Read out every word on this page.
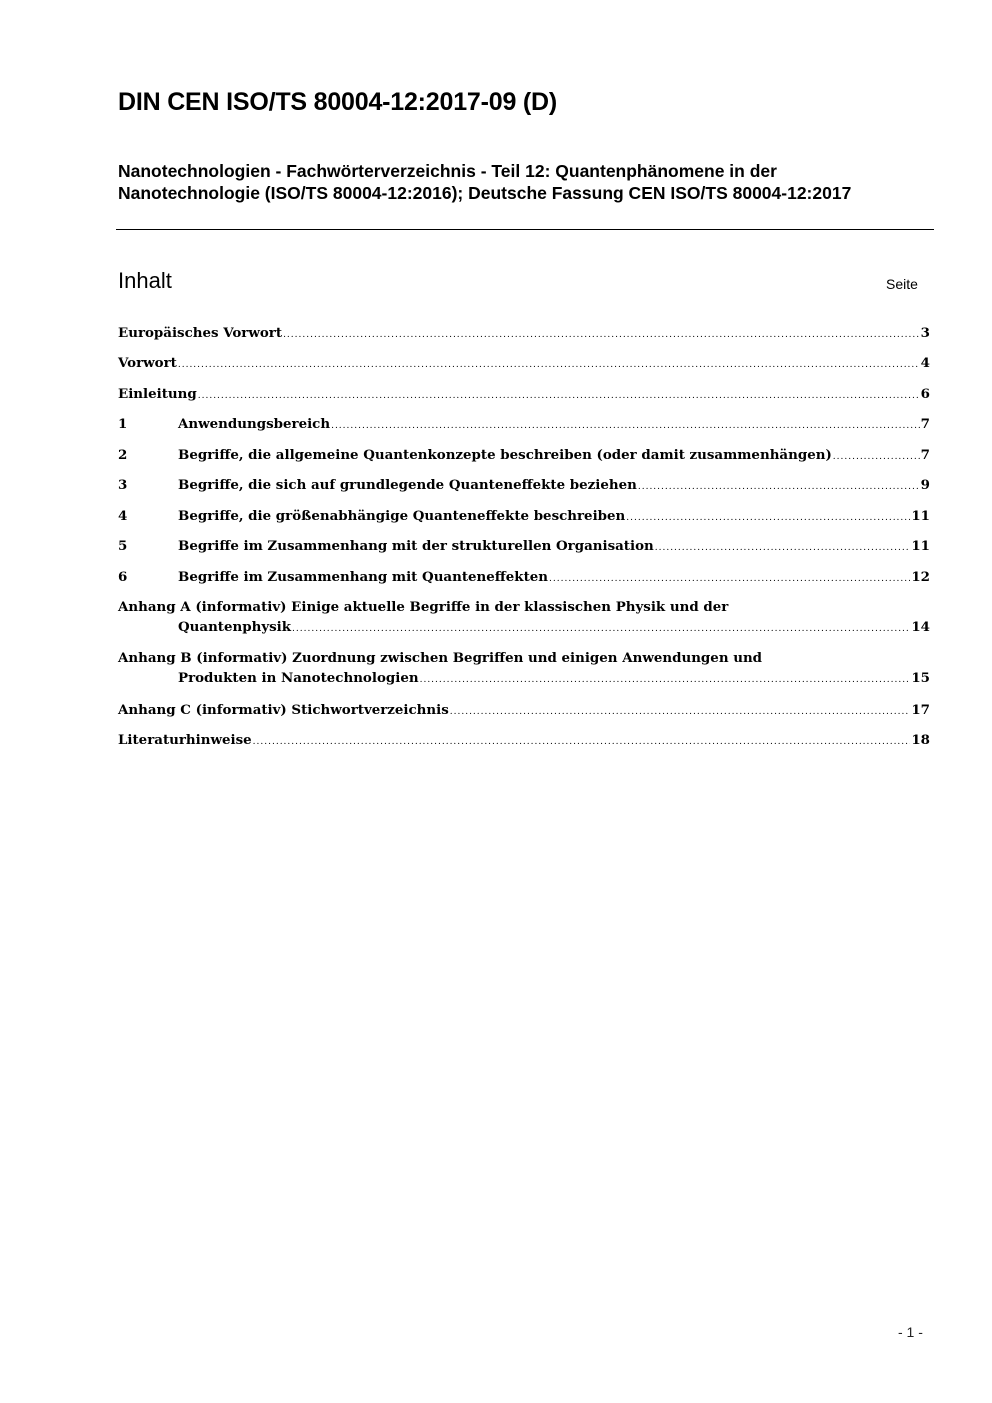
DIN CEN ISO/TS 80004-12:2017-09 (D)
Nanotechnologien - Fachwörterverzeichnis - Teil 12: Quantenphänomene in der Nanotechnologie (ISO/TS 80004-12:2016); Deutsche Fassung CEN ISO/TS 80004-12:2017
Inhalt	Seite
Europäisches Vorwort .....	3
Vorwort .....	4
Einleitung .....	6
1	Anwendungsbereich .....	7
2	Begriffe, die allgemeine Quantenkonzepte beschreiben (oder damit zusammenhängen) .....	7
3	Begriffe, die sich auf grundlegende Quanteneffekte beziehen .....	9
4	Begriffe, die größenabhängige Quanteneffekte beschreiben .....	11
5	Begriffe im Zusammenhang mit der strukturellen Organisation .....	11
6	Begriffe im Zusammenhang mit Quanteneffekten .....	12
Anhang A (informativ) Einige aktuelle Begriffe in der klassischen Physik und der
Quantenphysik .....	14
Anhang B (informativ) Zuordnung zwischen Begriffen und einigen Anwendungen und
Produkten in Nanotechnologien .....	15
Anhang C (informativ) Stichwortverzeichnis .....	17
Literaturhinweise .....	18
- 1 -
